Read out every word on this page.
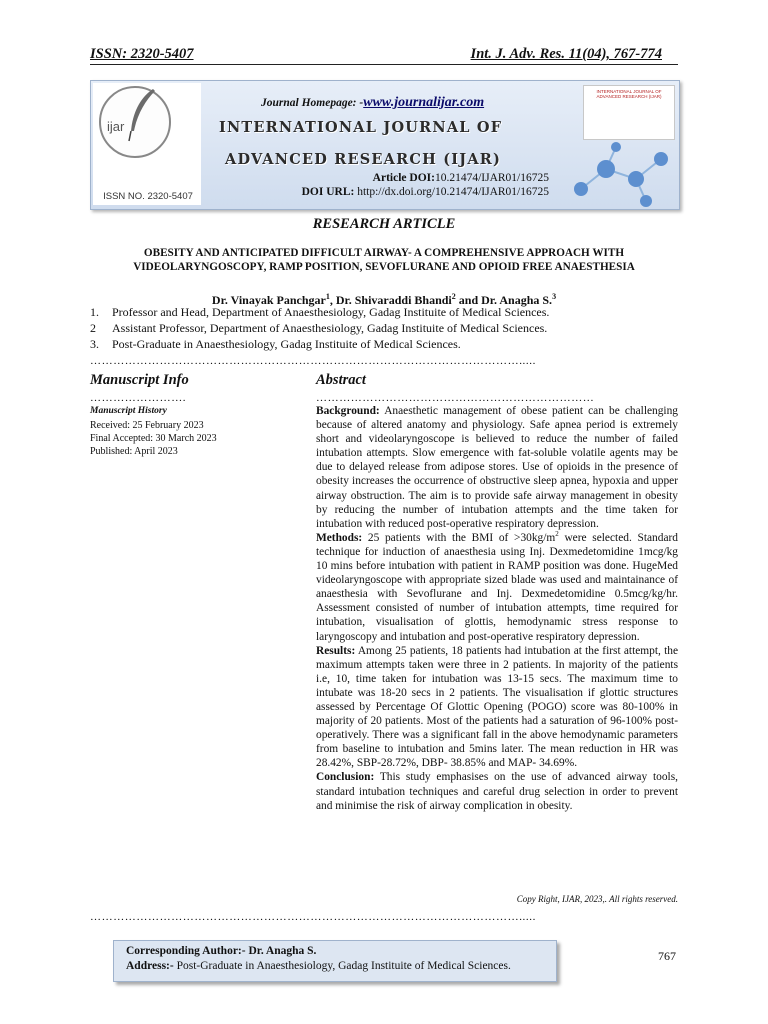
ISSN: 2320-5407	Int. J. Adv. Res. 11(04), 767-774
ijar
ISSN NO. 2320-5407
Journal Homepage: -www.journalijar.com
INTERNATIONAL JOURNAL OF
ADVANCED RESEARCH (IJAR)
Article DOI:10.21474/IJAR01/16725
DOI URL: http://dx.doi.org/10.21474/IJAR01/16725
INTERNATIONAL JOURNAL OF ADVANCED RESEARCH (IJAR)
RESEARCH ARTICLE
OBESITY AND ANTICIPATED DIFFICULT AIRWAY- A COMPREHENSIVE APPROACH WITH
VIDEOLARYNGOSCOPY, RAMP POSITION, SEVOFLURANE AND OPIOID FREE ANAESTHESIA
Dr. Vinayak Panchgar$^1$, Dr. Shivaraddi Bhandi$^2$ and Dr. Anagha S.$^3$
1. Professor and Head, Department of Anaesthesiology, Gadag Instituite of Medical Sciences.
2 Assistant Professor, Department of Anaesthesiology, Gadag Instituite of Medical Sciences.
3. Post-Graduate in Anaesthesiology, Gadag Instituite of Medical Sciences.
………………………………………………………………………………………………….....
Manuscript Info
…………………….
Manuscript History
Received: 25 February 2023
Final Accepted: 30 March 2023
Published: April 2023
Abstract
………………………………………………………………

Background: Anaesthetic management of obese patient can be challenging because of altered anatomy and physiology. Safe apnea period is extremely short and videolaryngoscope is believed to reduce the number of failed intubation attempts. Slow emergence with fat-soluble volatile agents may be due to delayed release from adipose stores. Use of opioids in the presence of obesity increases the occurrence of obstructive sleep apnea, hypoxia and upper airway obstruction. The aim is to provide safe airway management in obesity by reducing the number of intubation attempts and the time taken for intubation with reduced post-operative respiratory depression.

Methods: 25 patients with the BMI of $>30kg/m^2$ were selected. Standard technique for induction of anaesthesia using Inj. Dexmedetomidine 1mcg/kg 10 mins before intubation with patient in RAMP position was done. HugeMed videolaryngoscope with appropriate sized blade was used and maintainance of anaesthesia with Sevoflurane and Inj. Dexmedetomidine 0.5mcg/kg/hr. Assessment consisted of number of intubation attempts, time required for intubation, visualisation of glottis, hemodynamic stress response to laryngoscopy and intubation and post-operative respiratory depression.

Results: Among 25 patients, 18 patients had intubation at the first attempt, the maximum attempts taken were three in 2 patients. In majority of the patients i.e, 10, time taken for intubation was 13-15 secs. The maximum time to intubate was 18-20 secs in 2 patients. The visualisation if glottic structures assessed by Percentage Of Glottic Opening (POGO) score was 80-100% in majority of 20 patients. Most of the patients had a saturation of 96-100% post-operatively. There was a significant fall in the above hemodynamic parameters from baseline to intubation and 5mins later. The mean reduction in HR was 28.42%, SBP-28.72%, DBP- 38.85% and MAP- 34.69%.

Conclusion: This study emphasises on the use of advanced airway tools, standard intubation techniques and careful drug selection in order to prevent and minimise the risk of airway complication in obesity.

Copy Right, IJAR, 2023,. All rights reserved.
………………………………………………………………………………………………….....
Corresponding Author:- Dr. Anagha S.
Address:- Post-Graduate in Anaesthesiology, Gadag Instituite of Medical Sciences.
767
